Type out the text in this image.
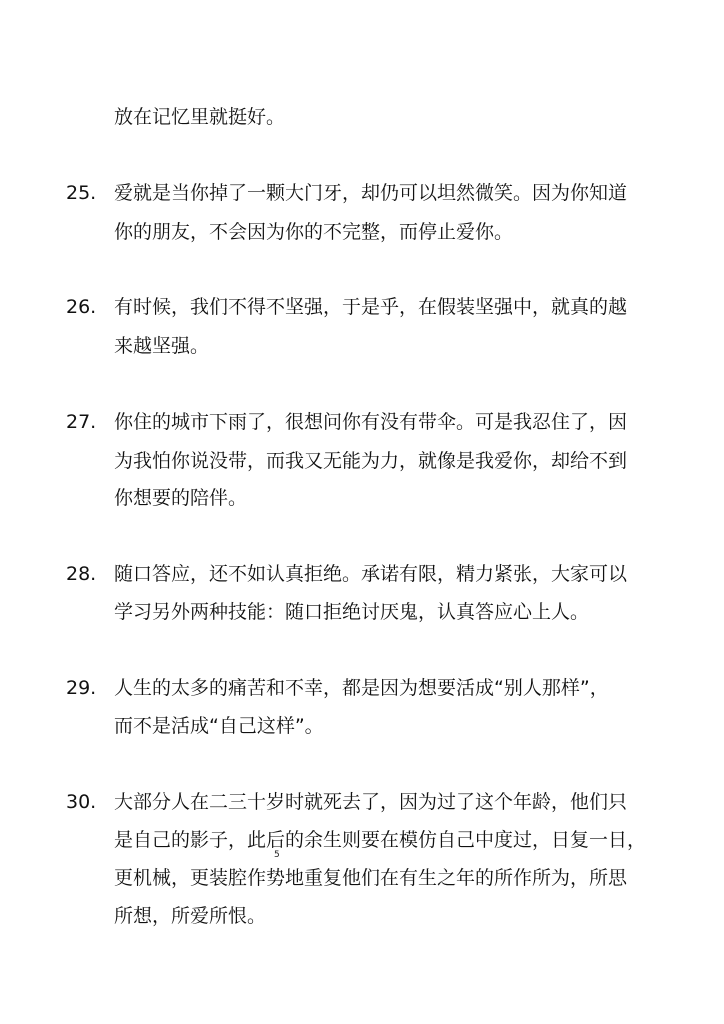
放在记忆里就挺好。
25. 爱就是当你掉了一颗大门牙，却仍可以坦然微笑。因为你知道
你的朋友，不会因为你的不完整，而停止爱你。
26. 有时候，我们不得不坚强，于是乎，在假装坚强中，就真的越
来越坚强。
27. 你住的城市下雨了，很想问你有没有带伞。可是我忍住了，因
为我怕你说没带，而我又无能为力，就像是我爱你，却给不到
你想要的陪伴。
28. 随口答应，还不如认真拒绝。承诺有限，精力紧张，大家可以
学习另外两种技能：随口拒绝讨厌鬼，认真答应心上人。
29. 人生的太多的痛苦和不幸，都是因为想要活成“别人那样”，
而不是活成“自己这样”。
30. 大部分人在二三十岁时就死去了，因为过了这个年龄，他们只
是自己的影子，此后的余生则要在模仿自己中度过，日复一日，
更机械，更装腔作势地重复他们在有生之年的所作所为，所思
所想，所爱所恨。
5
